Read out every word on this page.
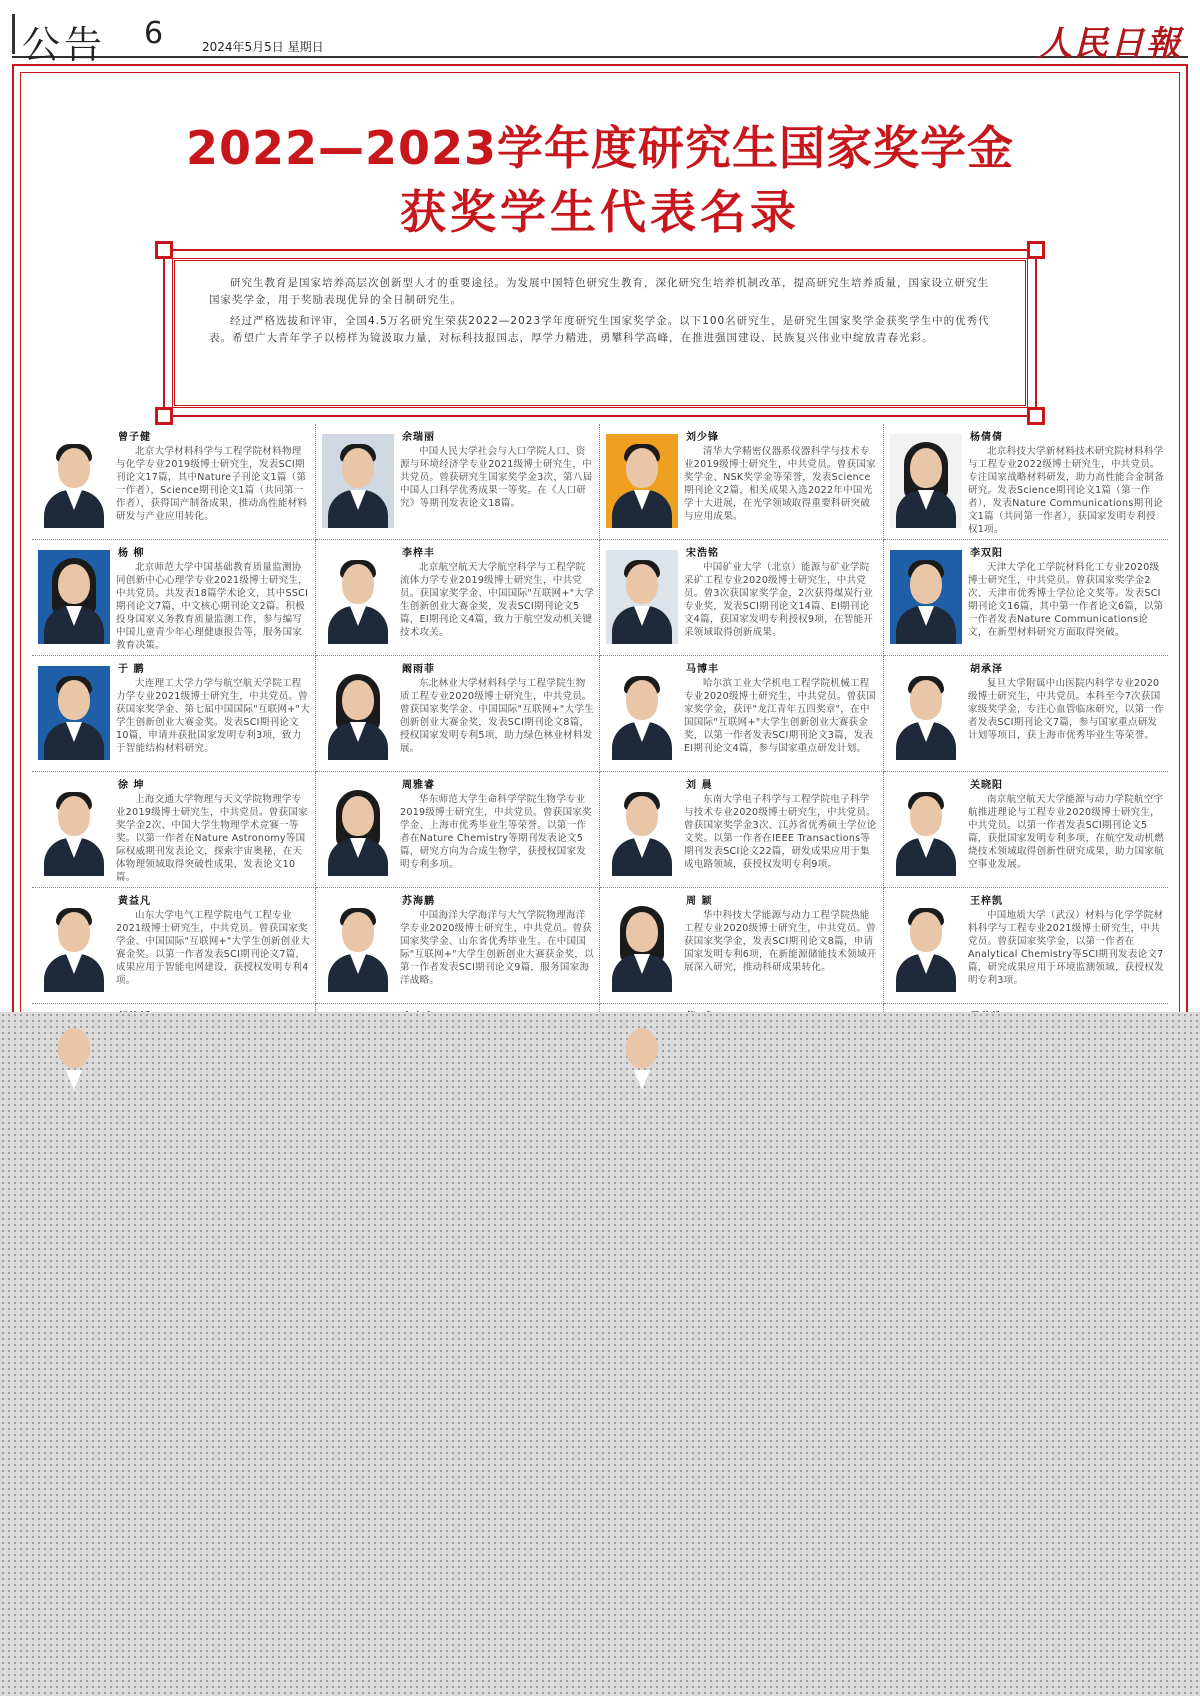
公告 6	2024年5月5日 星期日	人民日報
2022—2023学年度研究生国家奖学金
获奖学生代表名录

研究生教育是国家培养高层次创新型人才的重要途径。为发展中国特色研究生教育，深化研究生培养机制改革，提高研究生培养质量，国家设立研究生国家奖学金，用于奖励表现优异的全日制研究生。

经过严格选拔和评审，全国4.5万名研究生荣获2022—2023学年度研究生国家奖学金。以下100名研究生，是研究生国家奖学金获奖学生中的优秀代表。希望广大青年学子以榜样为镜汲取力量，对标科技报国志，厚学力精进，勇攀科学高峰，在推进强国建设、民族复兴伟业中绽放青春光彩。

曾子健
北京大学材料科学与工程学院材料物理与化学专业2019级博士研究生，发表SCI期刊论文17篇，其中Nature子刊论文1篇（第一作者），Science期刊论文1篇（共同第一作者），获得国产制备成果，推动高性能材料研发与产业应用转化。
余瑞丽
中国人民大学社会与人口学院人口、资源与环境经济学专业2021级博士研究生，中共党员。曾获研究生国家奖学金3次，第八届中国人口科学优秀成果一等奖。在《人口研究》等期刊发表论文18篇。
刘少锋
清华大学精密仪器系仪器科学与技术专业2019级博士研究生，中共党员。曾获国家奖学金、NSK奖学金等荣誉，发表Science期刊论文2篇，相关成果入选2022年中国光学十大进展，在光学领域取得重要科研突破与应用成果。
杨倩倩
北京科技大学新材料技术研究院材料科学与工程专业2022级博士研究生，中共党员。专注国家战略材料研发，助力高性能合金制备研究。发表Science期刊论文1篇（第一作者），发表Nature Communications期刊论文1篇（共同第一作者），获国家发明专利授权1项。
杨 柳
北京师范大学中国基础教育质量监测协同创新中心心理学专业2021级博士研究生，中共党员。共发表18篇学术论文，其中SSCI期刊论文7篇，中文核心期刊论文2篇。积极投身国家义务教育质量监测工作，参与编写中国儿童青少年心理健康报告等，服务国家教育决策。
李梓丰
北京航空航天大学航空科学与工程学院流体力学专业2019级博士研究生，中共党员。获国家奖学金、中国国际"互联网+"大学生创新创业大赛金奖，发表SCI期刊论文5篇，EI期刊论文4篇，致力于航空发动机关键技术攻关。
宋浩铭
中国矿业大学（北京）能源与矿业学院采矿工程专业2020级博士研究生，中共党员。曾3次获国家奖学金，2次获得煤炭行业专业奖，发表SCI期刊论文14篇、EI期刊论文4篇，获国家发明专利授权9项，在智能开采领域取得创新成果。
李双阳
天津大学化工学院材料化工专业2020级博士研究生，中共党员。曾获国家奖学金2次、天津市优秀博士学位论文奖等。发表SCI期刊论文16篇，其中第一作者论文6篇，以第一作者发表Nature Communications论文，在新型材料研究方面取得突破。
于 鹏
大连理工大学力学与航空航天学院工程力学专业2021级博士研究生，中共党员。曾获国家奖学金、第七届中国国际"互联网+"大学生创新创业大赛金奖。发表SCI期刊论文10篇，申请并获批国家发明专利3项，致力于智能结构材料研究。
阚雨菲
东北林业大学材料科学与工程学院生物质工程专业2020级博士研究生，中共党员。曾获国家奖学金、中国国际"互联网+"大学生创新创业大赛金奖，发表SCI期刊论文8篇，授权国家发明专利5项，助力绿色林业材料发展。
马博丰
哈尔滨工业大学机电工程学院机械工程专业2020级博士研究生，中共党员。曾获国家奖学金，获评"龙江青年五四奖章"，在中国国际"互联网+"大学生创新创业大赛获金奖，以第一作者发表SCI期刊论文3篇，发表EI期刊论文4篇，参与国家重点研发计划。
胡承泽
复旦大学附属中山医院内科学专业2020级博士研究生，中共党员。本科至今7次获国家级奖学金，专注心血管临床研究，以第一作者发表SCI期刊论文7篇，参与国家重点研发计划等项目，获上海市优秀毕业生等荣誉。
徐 坤
上海交通大学物理与天文学院物理学专业2019级博士研究生，中共党员。曾获国家奖学金2次、中国大学生物理学术竞赛一等奖。以第一作者在Nature Astronomy等国际权威期刊发表论文，探索宇宙奥秘，在天体物理领域取得突破性成果，发表论文10篇。
周雅睿
华东师范大学生命科学学院生物学专业2019级博士研究生，中共党员。曾获国家奖学金、上海市优秀毕业生等荣誉。以第一作者在Nature Chemistry等期刊发表论文5篇，研究方向为合成生物学，获授权国家发明专利多项。
刘 晨
东南大学电子科学与工程学院电子科学与技术专业2020级博士研究生，中共党员。曾获国家奖学金3次、江苏省优秀硕士学位论文奖。以第一作者在IEEE Transactions等期刊发表SCI论文22篇，研发成果应用于集成电路领域，获授权发明专利9项。
关晓阳
南京航空航天大学能源与动力学院航空宇航推进理论与工程专业2020级博士研究生，中共党员。以第一作者发表SCI期刊论文5篇，获批国家发明专利多项，在航空发动机燃烧技术领域取得创新性研究成果，助力国家航空事业发展。
黄益凡
山东大学电气工程学院电气工程专业2021级博士研究生，中共党员。曾获国家奖学金、中国国际"互联网+"大学生创新创业大赛金奖。以第一作者发表SCI期刊论文7篇，成果应用于智能电网建设，获授权发明专利4项。
苏海鹏
中国海洋大学海洋与大气学院物理海洋学专业2020级博士研究生，中共党员。曾获国家奖学金、山东省优秀毕业生。在中国国际"互联网+"大学生创新创业大赛获金奖，以第一作者发表SCI期刊论文9篇，服务国家海洋战略。
周 颖
华中科技大学能源与动力工程学院热能工程专业2020级博士研究生，中共党员。曾获国家奖学金，发表SCI期刊论文8篇，申请国家发明专利6项，在新能源储能技术领域开展深入研究，推动科研成果转化。
王梓凯
中国地质大学（武汉）材料与化学学院材料科学与工程专业2021级博士研究生，中共党员。曾获国家奖学金，以第一作者在Analytical Chemistry等SCI期刊发表论文7篇，研究成果应用于环境监测领域，获授权发明专利3项。
